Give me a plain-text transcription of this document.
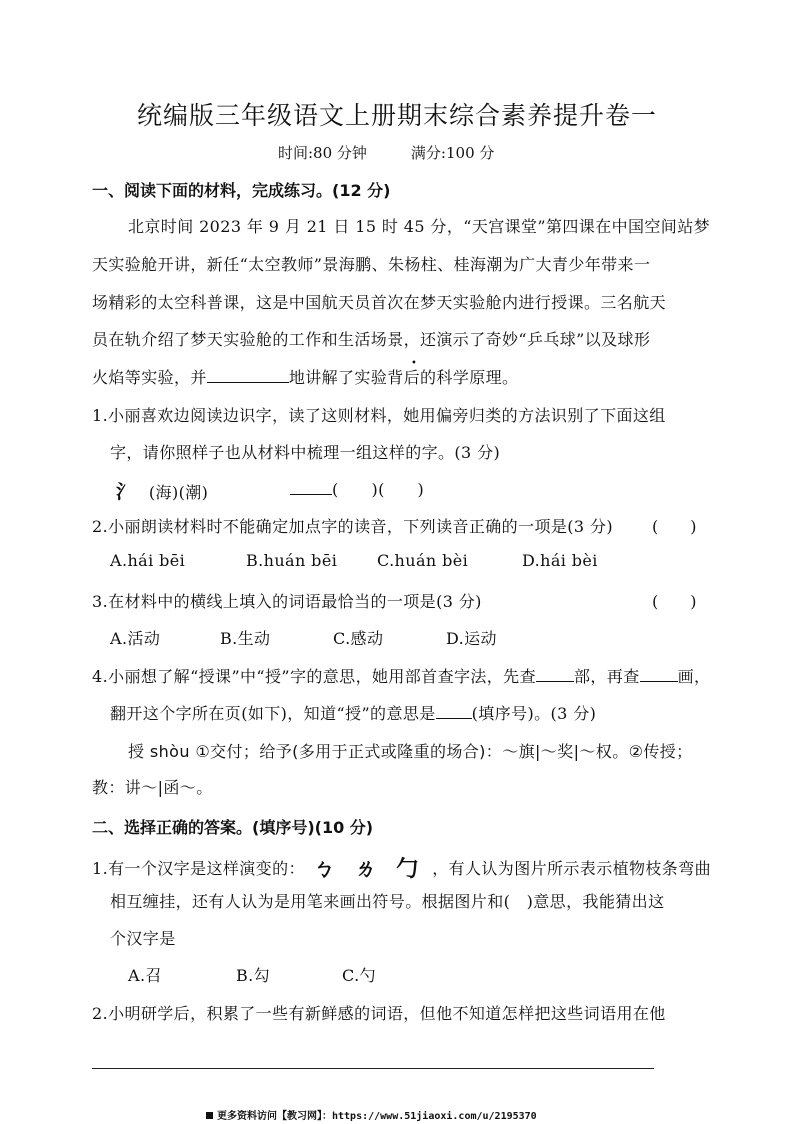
统编版三年级语文上册期末综合素养提升卷一
时间:80 分钟	满分:100 分
一、阅读下面的材料，完成练习。(12 分)
北京时间 2023 年 9 月 21 日 15 时 45 分，“天宫课堂”第四课在中国空间站梦
天实验舱开讲，新任“太空教师”景海鹏、朱杨柱、桂海潮为广大青少年带来一
场精彩的太空科普课，这是中国航天员首次在梦天实验舱内进行授课。三名航天
员在轨介绍了梦天实验舱的工作和生活场景，还演示了奇妙“乒乓球”以及球形
火焰等实验，并	地讲解了实验背后的科学原理。
•
1.小丽喜欢边阅读边识字，读了这则材料，她用偏旁归类的方法识别了下面这组
字，请你照样子也从材料中梳理一组这样的字。(3 分)
氵 (海)(潮)	(　　)(　　)
2.小丽朗读材料时不能确定加点字的读音，下列读音正确的一项是(3 分) (　　)
A.hái bēi	B.huán bēi C.huán bèi	D.hái bèi
3.在材料中的横线上填入的词语最恰当的一项是(3 分)	(　　)
A.活动	B.生动	C.感动	D.运动
4.小丽想了解“授课”中“授”字的意思，她用部首查字法，先查 部，再查 画，
翻开这个字所在页(如下)，知道“授”的意思是 (填序号)。(3 分)
授 shòu ①交付；给予(多用于正式或隆重的场合)：～旗|～奖|～权。②传授；
教：讲～|函～。
二、选择正确的答案。(填序号)(10 分)
1.有一个汉字是这样演变的： ㄅ ㄌ 勹 ，有人认为图片所示表示植物枝条弯曲
相互缠挂，还有人认为是用笔来画出符号。根据图片和(　)意思，我能猜出这
个汉字是
A.召	B.勾	C.勺
2.小明研学后，积累了一些有新鲜感的词语，但他不知道怎样把这些词语用在他
更多资料访问【教习网】：https://www.51jiaoxi.com/u/2195370
